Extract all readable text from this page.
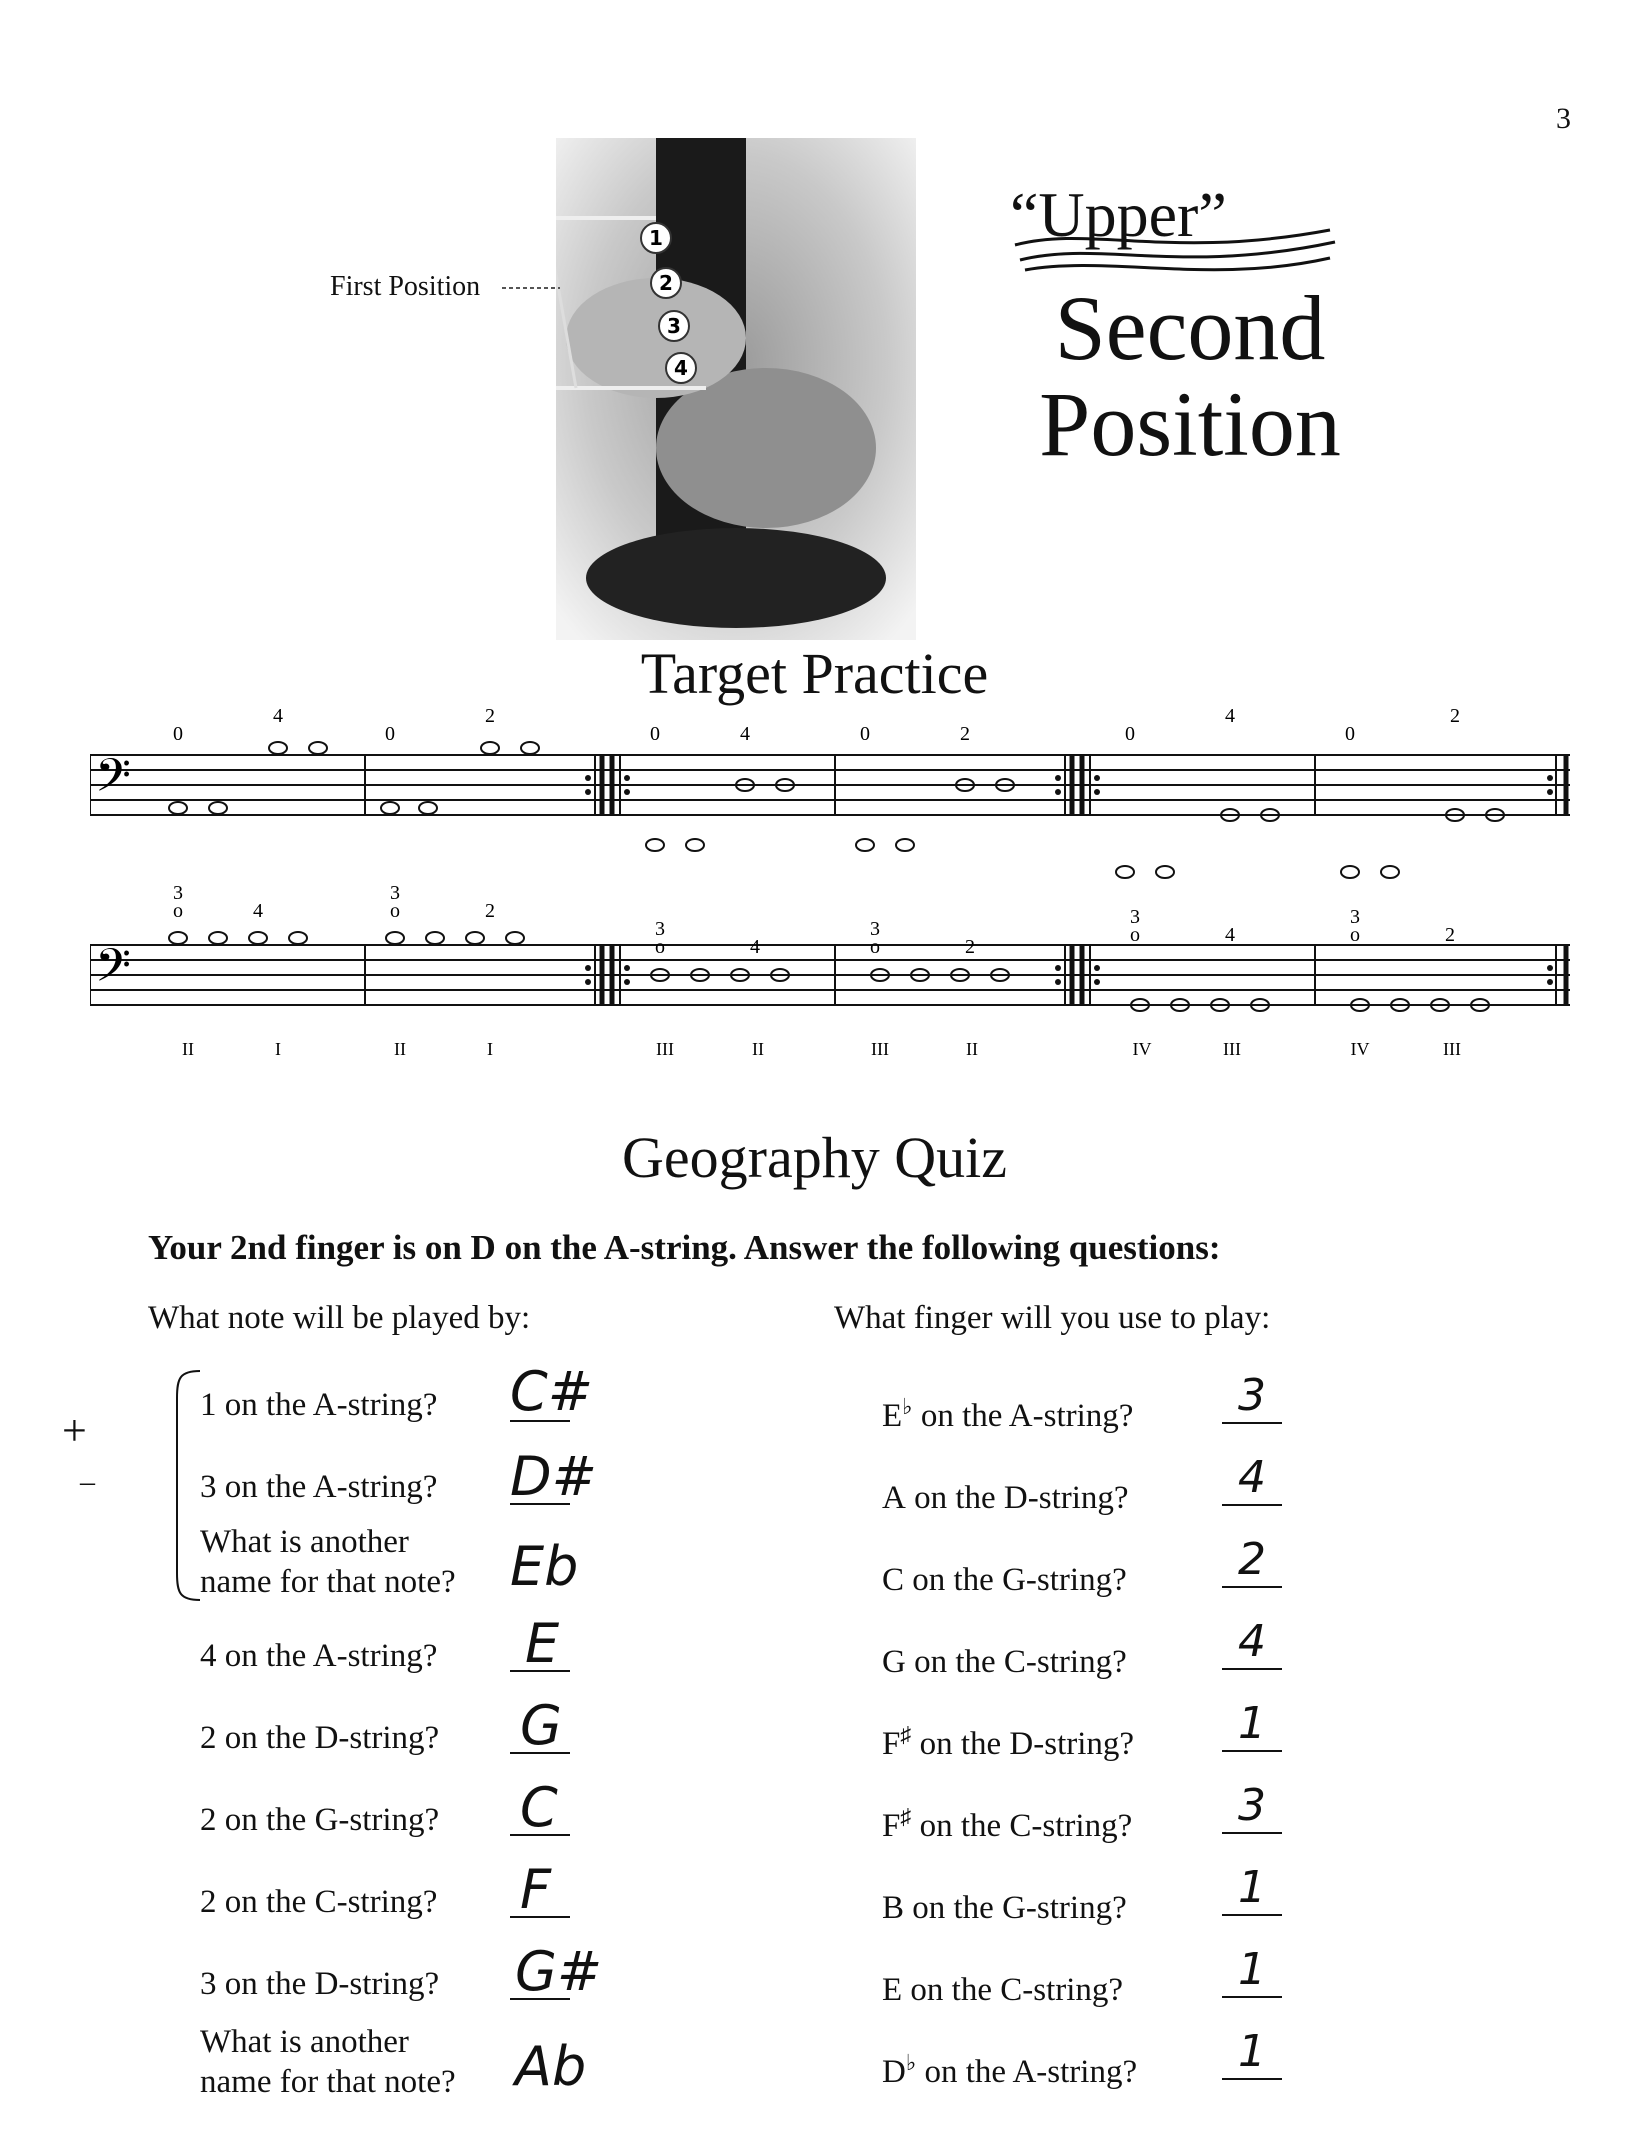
3
1
2
3
4
First Position
“Upper”
Second
Position
Target Practice
𝄢
0
4
0
2
0	4	0	2	0
4
0
2
𝄢
3
o	4
3
o	2
3
o	4
3
o	2
3
o	4
3
o	2
II	I	II	I	III	II	III	II	IV	III	IV	III
Geography Quiz
Your 2nd finger is on D on the A-string. Answer the following questions:
What note will be played by:	What finger will you use to play:
+
–
1 on the A-string? C#
3 on the A-string? D#
What is another
name for that note? Eb
4 on the A-string? E
2 on the D-string? G
2 on the G-string? C
2 on the C-string? F
3 on the D-string? G#
What is another
name for that note? Ab
E♭ on the A-string?	3
A on the D-string?	4
C on the G-string?	2
G on the C-string?	4
F♯ on the D-string?	1
F♯ on the C-string?	3
B on the G-string?	1
E on the C-string?	1
D♭ on the A-string?	1
